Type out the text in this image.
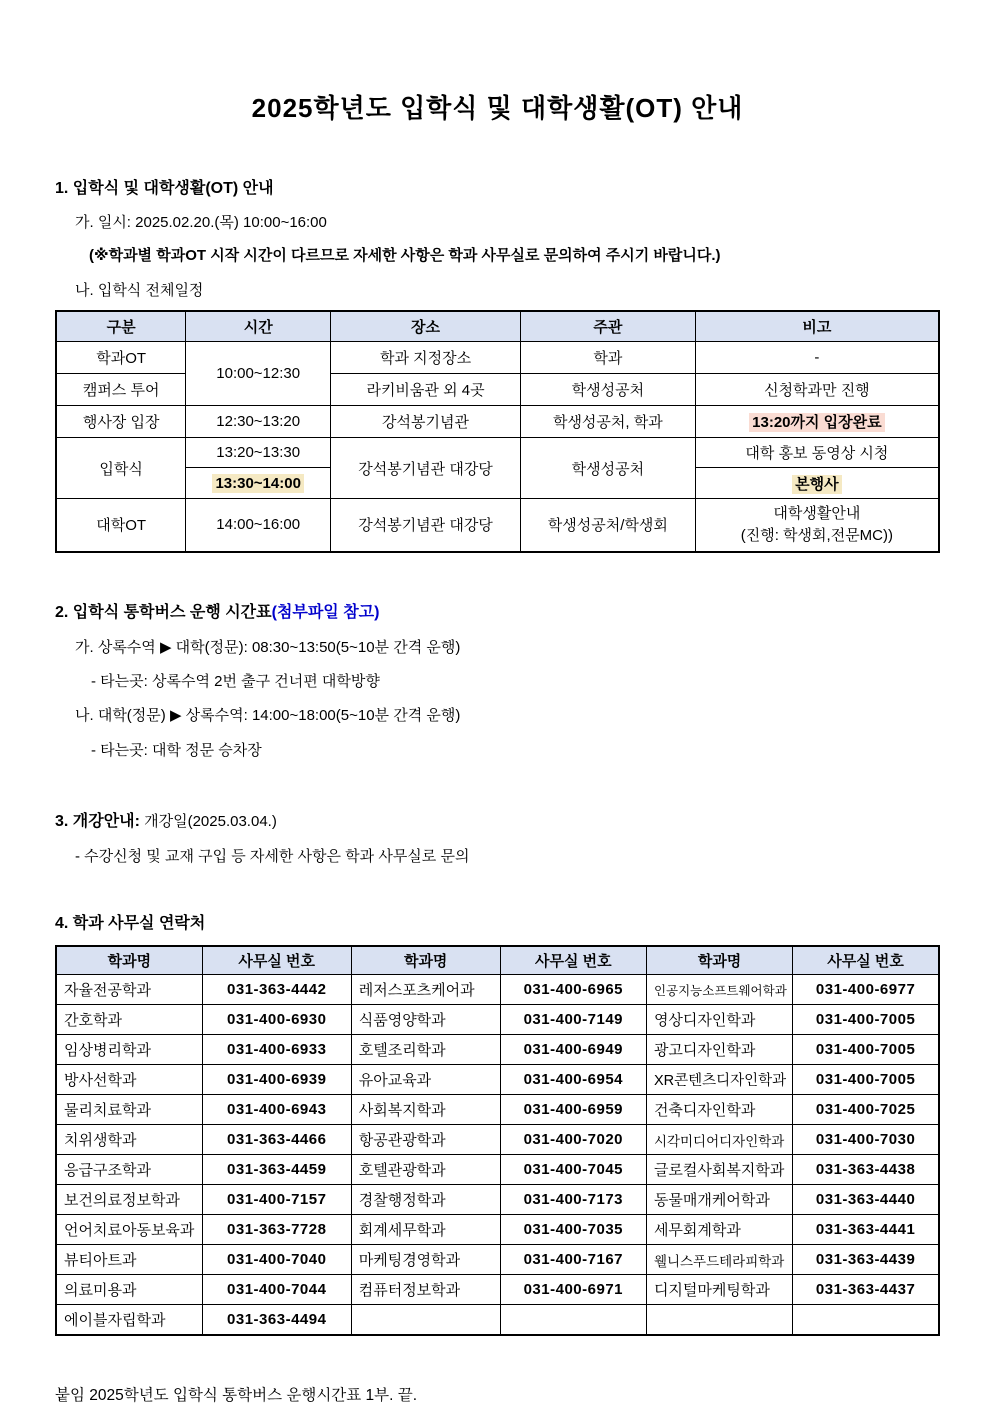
2025학년도 입학식 및 대학생활(OT) 안내
1. 입학식 및 대학생활(OT) 안내
가. 일시: 2025.02.20.(목) 10:00~16:00
(※학과별 학과OT 시작 시간이 다르므로 자세한 사항은 학과 사무실로 문의하여 주시기 바랍니다.)
나. 입학식 전체일정
구분	시간	장소	주관	비고
학과OT	10:00~12:30	학과 지정장소	학과	-
캠퍼스 투어		라키비움관 외 4곳	학생성공처	신청학과만 진행
행사장 입장	12:30~13:20	강석봉기념관	학생성공처, 학과	13:20까지 입장완료
입학식	13:20~13:30	강석봉기념관 대강당	학생성공처	대학 홍보 동영상 시청
	13:30~14:00			본행사
대학OT	14:00~16:00	강석봉기념관 대강당	학생성공처/학생회	대학생활안내
(진행: 학생회,전문MC))
2. 입학식 통학버스 운행 시간표(첨부파일 참고)
가. 상록수역 ▶ 대학(정문): 08:30~13:50(5~10분 간격 운행)
- 타는곳: 상록수역 2번 출구 건너편 대학방향
나. 대학(정문) ▶ 상록수역: 14:00~18:00(5~10분 간격 운행)
- 타는곳: 대학 정문 승차장
3. 개강안내: 개강일(2025.03.04.)
- 수강신청 및 교재 구입 등 자세한 사항은 학과 사무실로 문의
4. 학과 사무실 연락처
학과명	사무실 번호	학과명	사무실 번호	학과명	사무실 번호
자율전공학과	031-363-4442	레저스포츠케어과	031-400-6965	인공지능소프트웨어학과	031-400-6977
간호학과	031-400-6930	식품영양학과	031-400-7149	영상디자인학과	031-400-7005
임상병리학과	031-400-6933	호텔조리학과	031-400-6949	광고디자인학과	031-400-7005
방사선학과	031-400-6939	유아교육과	031-400-6954	XR콘텐츠디자인학과	031-400-7005
물리치료학과	031-400-6943	사회복지학과	031-400-6959	건축디자인학과	031-400-7025
치위생학과	031-363-4466	항공관광학과	031-400-7020	시각미디어디자인학과	031-400-7030
응급구조학과	031-363-4459	호텔관광학과	031-400-7045	글로컬사회복지학과	031-363-4438
보건의료정보학과	031-400-7157	경찰행정학과	031-400-7173	동물매개케어학과	031-363-4440
언어치료아동보육과	031-363-7728	회계세무학과	031-400-7035	세무회계학과	031-363-4441
뷰티아트과	031-400-7040	마케팅경영학과	031-400-7167	웰니스푸드테라피학과	031-363-4439
의료미용과	031-400-7044	컴퓨터정보학과	031-400-6971	디지털마케팅학과	031-363-4437
에이블자립학과	031-363-4494				
붙임 2025학년도 입학식 통학버스 운행시간표 1부. 끝.
